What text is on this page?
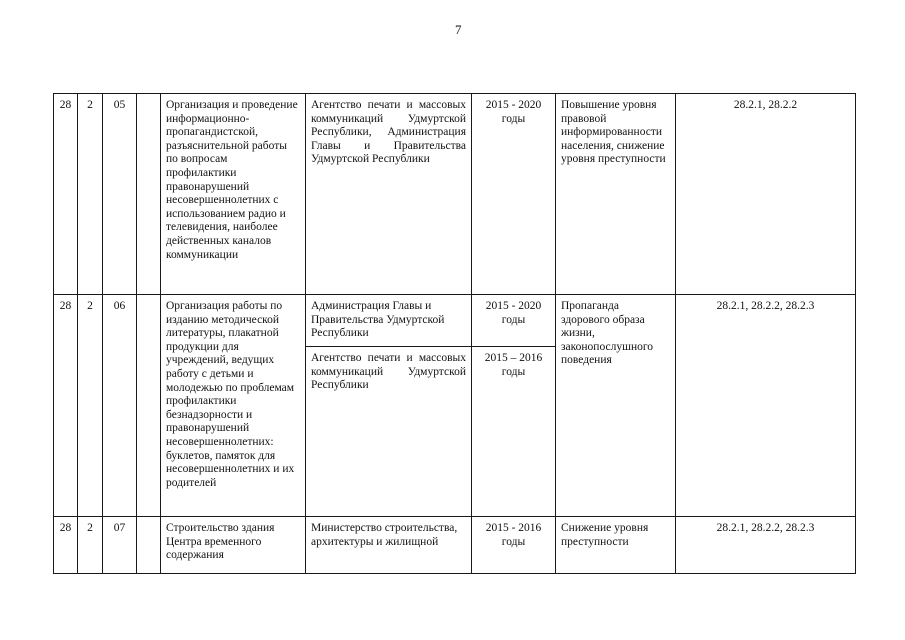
7
28	2	05		Организация и проведение информационно-пропагандистской, разъяснительной работы по вопросам профилактики правонарушений несовершеннолетних с использованием радио и телевидения, наиболее действенных каналов коммуникации	Агентство печати и массовых коммуникаций Удмуртской Республики, Администрация Главы и Правительства Удмуртской Республики	2015 - 2020 годы	Повышение уровня правовой информированности населения, снижение уровня преступности	28.2.1, 28.2.2
28	2	06		Организация работы по изданию методической литературы, плакатной продукции для учреждений, ведущих работу с детьми и молодежью по проблемам профилактики безнадзорности и правонарушений несовершеннолетних: буклетов, памяток для несовершеннолетних и их родителей	Администрация Главы и Правительства Удмуртской Республики	2015 - 2020 годы	Пропаганда здорового образа жизни, законопослушного поведения	28.2.1, 28.2.2, 28.2.3
					Агентство печати и массовых коммуникаций Удмуртской Республики	2015 – 2016 годы		
28	2	07		Строительство здания Центра временного содержания	Министерство строительства, архитектуры и жилищной	2015 - 2016 годы	Снижение уровня преступности	28.2.1, 28.2.2, 28.2.3
